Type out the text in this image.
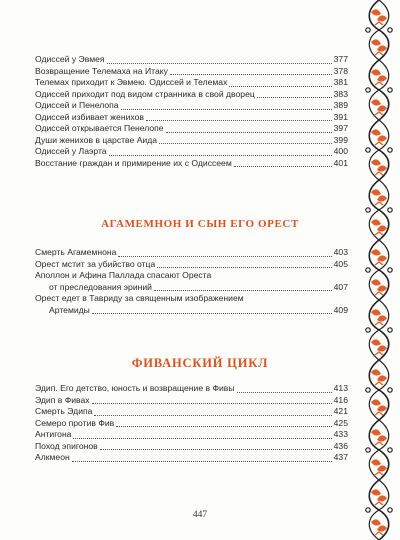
Одиссей у Эвмея	377
Возвращение Телемаха на Итаку	378
Телемах приходит к Эвмею. Одиссей и Телемах	381
Одиссей приходит под видом странника в свой дворец	383
Одиссей и Пенелопа	389
Одиссей избивает женихов	391
Одиссей открывается Пенелопе	397
Души женихов в царстве Аида	399
Одиссей у Лаэрта	400
Восстание граждан и примирение их с Одиссеем	401
АГАМЕМНОН И СЫН ЕГО ОРЕСТ
Смерть Агамемнона	403
Орест мстит за убийство отца	405
Аполлон и Афина Паллада спасают Ореста
от преследования эриний	407
Орест едет в Тавриду за священным изображением
Артемиды	409
ФИВАНСКИЙ ЦИКЛ
Эдип. Его детство, юность и возвращение в Фивы	413
Эдип в Фивах	416
Смерть Эдипа	421
Семеро против Фив	425
Антигона	433
Поход эпигонов	436
Алкмеон	437
447
